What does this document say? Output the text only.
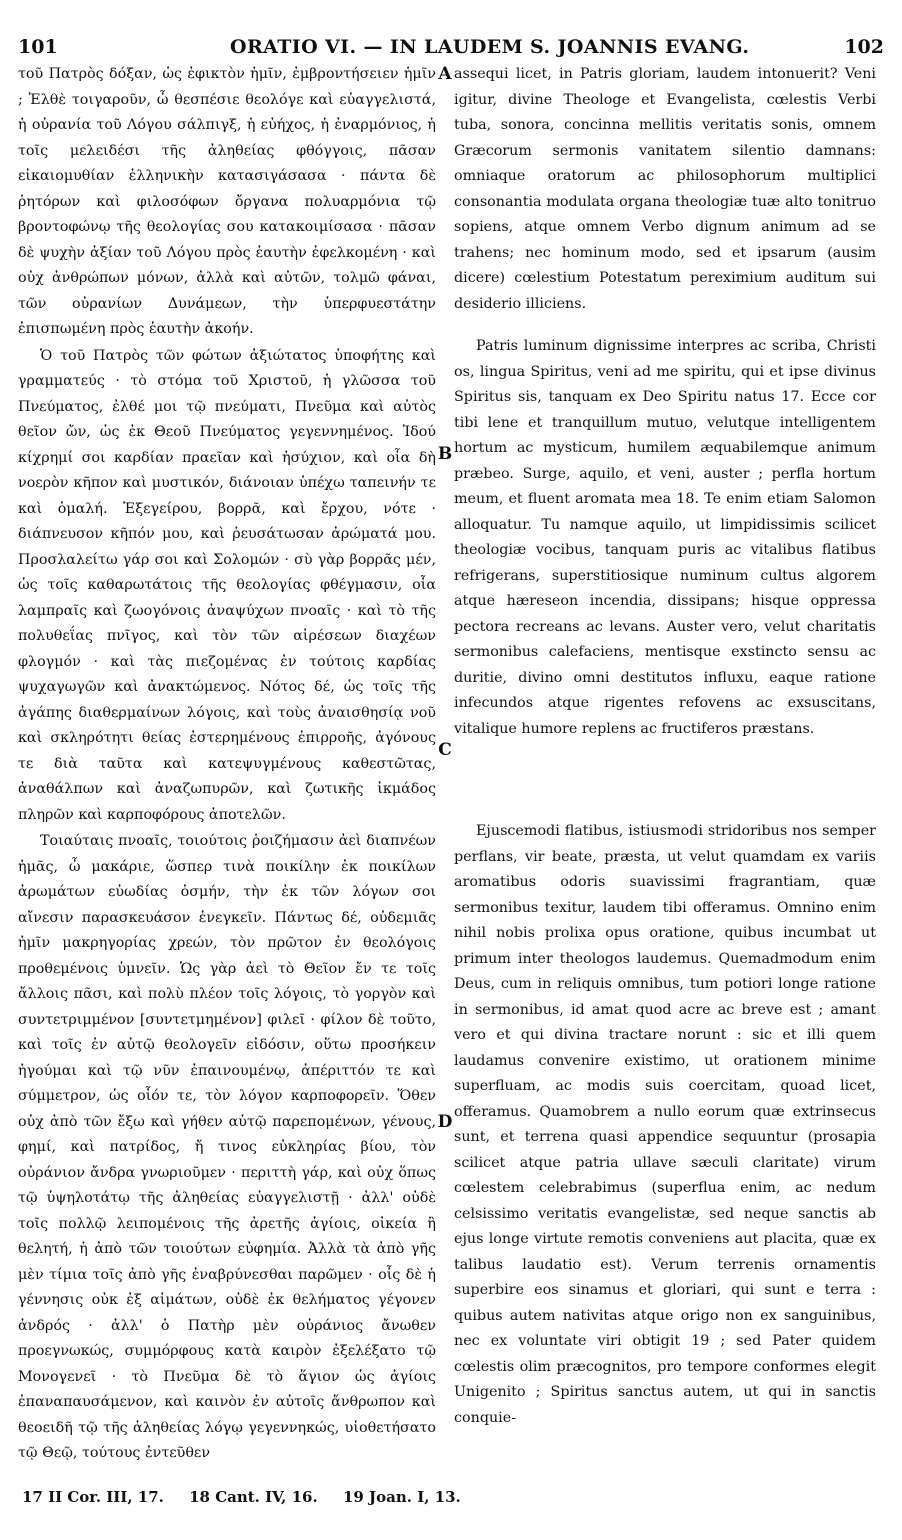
101	ORATIO VI. — IN LAUDEM S. JOANNIS EVANG.	102

τοῦ Πατρὸς δόξαν, ὡς ἐφικτὸν ἡμῖν, ἐμβροντήσειεν ἡμῖν ; Ἐλθὲ τοιγαροῦν, ὦ θεσπέσιε θεολόγε καὶ εὐαγγελιστά, ἡ οὐρανία τοῦ Λόγου σάλπιγξ, ἡ εὐήχος, ἡ ἐναρμόνιος, ἡ τοῖς μελειδέσι τῆς ἀληθείας φθόγγοις, πᾶσαν εἰκαιομυθίαν ἑλληνικὴν κατασιγάσασα · πάντα δὲ ῥητόρων καὶ φιλοσόφων ὄργανα πολυαρμόνια τῷ βροντοφώνῳ τῆς θεολογίας σου κατακοιμίσασα · πᾶσαν δὲ ψυχὴν ἀξίαν τοῦ Λόγου πρὸς ἑαυτὴν ἐφελκομένη · καὶ οὐχ ἀνθρώπων μόνων, ἀλλὰ καὶ αὐτῶν, τολμῶ φάναι, τῶν οὐρανίων Δυνάμεων, τὴν ὑπερφυεστάτην ἐπισπωμένη πρὸς ἑαυτὴν ἀκοήν.

Ὁ τοῦ Πατρὸς τῶν φώτων ἀξιώτατος ὑποφήτης καὶ γραμματεύς · τὸ στόμα τοῦ Χριστοῦ, ἡ γλῶσσα τοῦ Πνεύματος, ἐλθέ μοι τῷ πνεύματι, Πνεῦμα καὶ αὐτὸς θεῖον ὤν, ὡς ἐκ Θεοῦ Πνεύματος γεγεννημένος. Ἰδού κίχρημί σοι καρδίαν πραεῖαν καὶ ἡσύχιον, καὶ οἷα δὴ νοερὸν κῆπον καὶ μυστικόν, διάνοιαν ὑπέχω ταπεινήν τε καὶ ὁμαλή. Ἐξεγείρου, βορρᾶ, καὶ ἔρχου, νότε · διάπνευσον κῆπόν μου, καὶ ῥευσάτωσαν ἀρώματά μου. Προσλαλείτω γάρ σοι καὶ Σολομών · σὺ γὰρ βορρᾶς μέν, ὡς τοῖς καθαρωτάτοις τῆς θεολογίας φθέγμασιν, οἷα λαμπραῖς καὶ ζωογόνοις ἀναψύχων πνοαῖς · καὶ τὸ τῆς πολυθεΐας πνῖγος, καὶ τὸν τῶν αἱρέσεων διαχέων φλογμόν · καὶ τὰς πιεζομένας ἐν τούτοις καρδίας ψυχαγωγῶν καὶ ἀνακτώμενος. Νότος δέ, ὡς τοῖς τῆς ἀγάπης διαθερμαίνων λόγοις, καὶ τοὺς ἀναισθησίᾳ νοῦ καὶ σκληρότητι θείας ἐστερημένους ἐπιρροῆς, ἀγόνους τε διὰ ταῦτα καὶ κατεψυγμένους καθεστῶτας, ἀναθάλπων καὶ ἀναζωπυρῶν, καὶ ζωτικῆς ἰκμάδος πληρῶν καὶ καρποφόρους ἀποτελῶν.

Τοιαύταις πνοαῖς, τοιούτοις ῥοιζήμασιν ἀεὶ διαπνέων ἡμᾶς, ὦ μακάριε, ὥσπερ τινὰ ποικίλην ἐκ ποικίλων ἀρωμάτων εὐωδίας ὀσμήν, τὴν ἐκ τῶν λόγων σοι αἴνεσιν παρασκευάσον ἐνεγκεῖν. Πάντως δέ, οὐδεμιᾶς ἡμῖν μακρηγορίας χρεών, τὸν πρῶτον ἐν θεολόγοις προθεμένοις ὑμνεῖν. Ὡς γὰρ ἀεὶ τὸ Θεῖον ἔν τε τοῖς ἄλλοις πᾶσι, καὶ πολὺ πλέον τοῖς λόγοις, τὸ γοργὸν καὶ συντετριμμένον [συντετμημένον] φιλεῖ · φίλον δὲ τοῦτο, καὶ τοῖς ἐν αὐτῷ θεολογεῖν εἰδόσιν, οὕτω προσήκειν ἡγούμαι καὶ τῷ νῦν ἐπαινουμένῳ, ἀπέριττόν τε καὶ σύμμετρον, ὡς οἷόν τε, τὸν λόγον καρποφορεῖν. Ὅθεν οὐχ ἀπὸ τῶν ἔξω καὶ γήθεν αὐτῷ παρεπομένων, γένους, φημί, καὶ πατρίδος, ἤ τινος εὐκληρίας βίου, τὸν οὐράνιον ἄνδρα γνωριοῦμεν · περιττὴ γάρ, καὶ οὐχ ὅπως τῷ ὑψηλοτάτῳ τῆς ἀληθείας εὐαγγελιστῇ · ἀλλ' οὐδὲ τοῖς πολλῷ λειπομένοις τῆς ἀρετῆς ἁγίοις, οἰκεία ἢ θελητή, ἡ ἀπὸ τῶν τοιούτων εὐφημία. Ἀλλὰ τὰ ἀπὸ γῆς μὲν τίμια τοῖς ἀπὸ γῆς ἐναβρύνεσθαι παρῶμεν · οἷς δὲ ἡ γέννησις οὐκ ἐξ αἱμάτων, οὐδὲ ἐκ θελήματος γέγονεν ἀνδρός · ἀλλ' ὁ Πατὴρ μὲν οὐράνιος ἄνωθεν προεγνωκώς, συμμόρφους κατὰ καιρὸν ἐξελέξατο τῷ Μονογενεῖ · τὸ Πνεῦμα δὲ τὸ ἅγιον ὡς ἁγίοις ἐπαναπαυσάμενον, καὶ καινὸν ἐν αὐτοῖς ἄνθρωπον καὶ θεοειδῆ τῷ τῆς ἀληθείας λόγῳ γεγεννηκώς, υἱοθετήσατο τῷ Θεῷ, τούτους ἐντεῦθεν

A
B
C
D

assequi licet, in Patris gloriam, laudem intonuerit? Veni igitur, divine Theologe et Evangelista, cœlestis Verbi tuba, sonora, concinna mellitis veritatis sonis, omnem Græcorum sermonis vanitatem silentio damnans: omniaque oratorum ac philosophorum multiplici consonantia modulata organa theologiæ tuæ alto tonitruo sopiens, atque omnem Verbo dignum animum ad se trahens; nec hominum modo, sed et ipsarum (ausim dicere) cœlestium Potestatum pereximium auditum sui desiderio illiciens.

Patris luminum dignissime interpres ac scriba, Christi os, lingua Spiritus, veni ad me spiritu, qui et ipse divinus Spiritus sis, tanquam ex Deo Spiritu natus 17. Ecce cor tibi lene et tranquillum mutuo, velutque intelligentem hortum ac mysticum, humilem æquabilemque animum præbeo. Surge, aquilo, et veni, auster ; perfla hortum meum, et fluent aromata mea 18. Te enim etiam Salomon alloquatur. Tu namque aquilo, ut limpidissimis scilicet theologiæ vocibus, tanquam puris ac vitalibus flatibus refrigerans, superstitiosique numinum cultus algorem atque hæreseon incendia, dissipans; hisque oppressa pectora recreans ac levans. Auster vero, velut charitatis sermonibus calefaciens, mentisque exstincto sensu ac duritie, divino omni destitutos influxu, eaque ratione infecundos atque rigentes refovens ac exsuscitans, vitalique humore replens ac fructiferos præstans.

Ejuscemodi flatibus, istiusmodi stridoribus nos semper perflans, vir beate, præsta, ut velut quamdam ex variis aromatibus odoris suavissimi fragrantiam, quæ sermonibus texitur, laudem tibi offeramus. Omnino enim nihil nobis prolixa opus oratione, quibus incumbat ut primum inter theologos laudemus. Quemadmodum enim Deus, cum in reliquis omnibus, tum potiori longe ratione in sermonibus, id amat quod acre ac breve est ; amant vero et qui divina tractare norunt : sic et illi quem laudamus convenire existimo, ut orationem minime superfluam, ac modis suis coercitam, quoad licet, offeramus. Quamobrem a nullo eorum quæ extrinsecus sunt, et terrena quasi appendice sequuntur (prosapia scilicet atque patria ullave sæculi claritate) virum cœlestem celebrabimus (superflua enim, ac nedum celsissimo veritatis evangelistæ, sed neque sanctis ab ejus longe virtute remotis conveniens aut placita, quæ ex talibus laudatio est). Verum terrenis ornamentis superbire eos sinamus et gloriari, qui sunt e terra : quibus autem nativitas atque origo non ex sanguinibus, nec ex voluntate viri obtigit 19 ; sed Pater quidem cœlestis olim præcognitos, pro tempore conformes elegit Unigenito ; Spiritus sanctus autem, ut qui in sanctis conquie-

17 II Cor. III, 17. 18 Cant. IV, 16. 19 Joan. I, 13.
